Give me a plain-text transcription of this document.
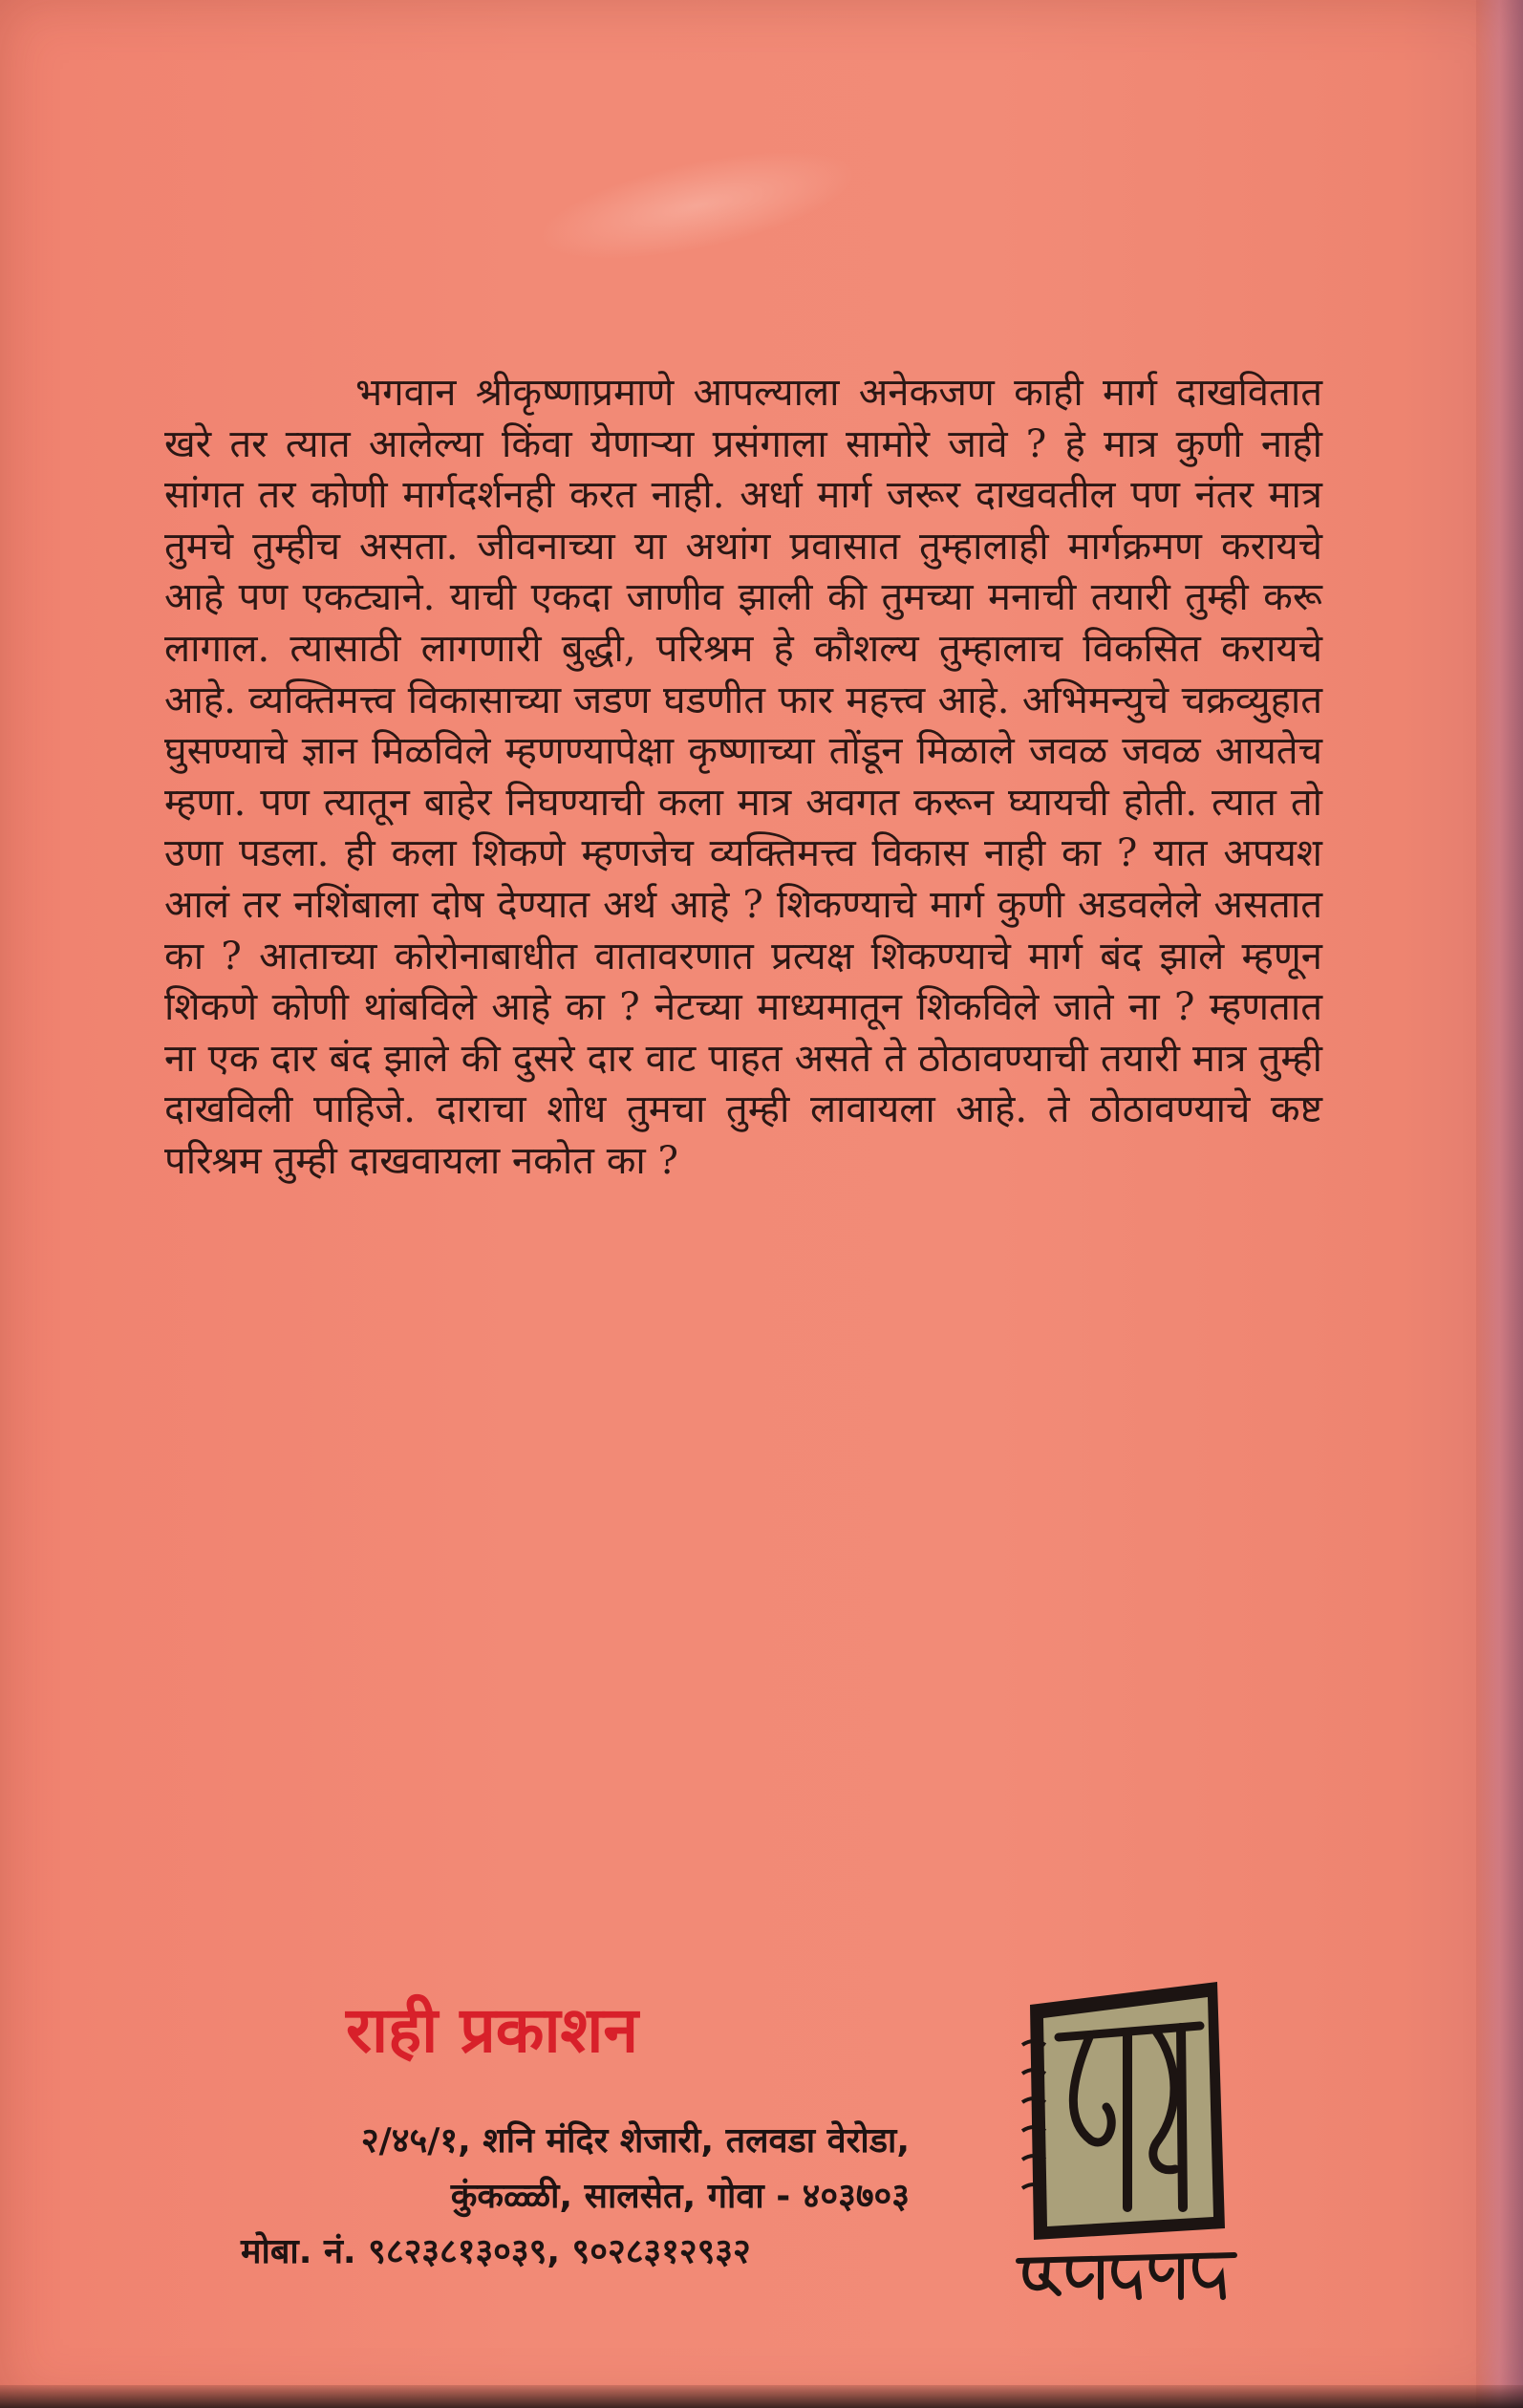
भगवान श्रीकृष्णाप्रमाणे आपल्याला अनेकजण काही मार्ग दाखवितात खरे तर त्यात आलेल्या किंवा येणाऱ्या प्रसंगाला सामोरे जावे ? हे मात्र कुणी नाही सांगत तर कोणी मार्गदर्शनही करत नाही. अर्धा मार्ग जरूर दाखवतील पण नंतर मात्र तुमचे तुम्हीच असता. जीवनाच्या या अथांग प्रवासात तुम्हालाही मार्गक्रमण करायचे आहे पण एकट्याने. याची एकदा जाणीव झाली की तुमच्या मनाची तयारी तुम्ही करू लागाल. त्यासाठी लागणारी बुद्धी, परिश्रम हे कौशल्य तुम्हालाच विकसित करायचे आहे. व्यक्तिमत्त्व विकासाच्या जडण घडणीत फार महत्त्व आहे. अभिमन्युचे चक्रव्युहात घुसण्याचे ज्ञान मिळविले म्हणण्यापेक्षा कृष्णाच्या तोंडून मिळाले जवळ जवळ आयतेच म्हणा. पण त्यातून बाहेर निघण्याची कला मात्र अवगत करून घ्यायची होती. त्यात तो उणा पडला. ही कला शिकणे म्हणजेच व्यक्तिमत्त्व विकास नाही का ? यात अपयश आलं तर नशिंबाला दोष देण्यात अर्थ आहे ? शिकण्याचे मार्ग कुणी अडवलेले असतात का ? आताच्या कोरोनाबाधीत वातावरणात प्रत्यक्ष शिकण्याचे मार्ग बंद झाले म्हणून शिकणे कोणी थांबविले आहे का ? नेटच्या माध्यमातून शिकविले जाते ना ? म्हणतात ना एक दार बंद झाले की दुसरे दार वाट पाहत असते ते ठोठावण्याची तयारी मात्र तुम्ही दाखविली पाहिजे. दाराचा शोध तुमचा तुम्ही लावायला आहे. ते ठोठावण्याचे कष्ट परिश्रम तुम्ही दाखवायला नकोत का ?

राही प्रकाशन
२/४५/१, शनि मंदिर शेजारी, तलवडा वेरोडा,
कुंकळ्ळी, सालसेत, गोवा - ४०३७०३
मोबा. नं. ९८२३८१३०३९, ९०२८३१२९३२
